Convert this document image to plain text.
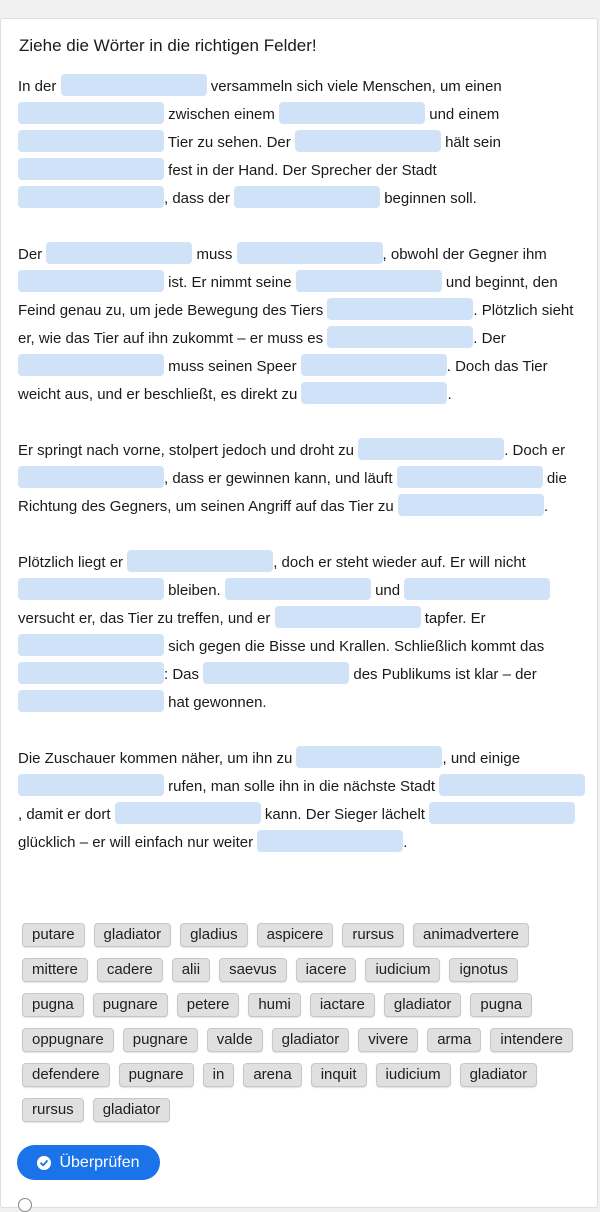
Ziehe die Wörter in die richtigen Felder!

In der	versammeln sich viele Menschen, um einen  zwischen einem	und einem  Tier zu sehen. Der	hält sein  fest in der Hand. Der Sprecher der Stadt , dass der	beginnen soll.

Der	muss	, obwohl der Gegner ihm  ist. Er nimmt seine	und beginnt, den Feind genau zu, um jede Bewegung des Tiers	. Plötzlich sieht er, wie das Tier auf ihn zukommt – er muss es	. Der  muss seinen Speer	. Doch das Tier weicht aus, und er beschließt, es direkt zu	.

Er springt nach vorne, stolpert jedoch und droht zu	. Doch er , dass er gewinnen kann, und läuft	die Richtung des Gegners, um seinen Angriff auf das Tier zu	.

Plötzlich liegt er	, doch er steht wieder auf. Er will nicht  bleiben.	und  versucht er, das Tier zu treffen, und er	tapfer. Er  sich gegen die Bisse und Krallen. Schließlich kommt das : Das	des Publikums ist klar – der  hat gewonnen.

Die Zuschauer kommen näher, um ihn zu	, und einige  rufen, man solle ihn in die nächste Stadt , damit er dort	kann. Der Sieger lächelt  glücklich – er will einfach nur weiter	.

putare	gladiator	gladius	aspicere	rursus	animadvertere
mittere	cadere	alii	saevus	iacere	iudicium	ignotus
pugna	pugnare	petere	humi	iactare	gladiator	pugna
oppugnare	pugnare	valde	gladiator	vivere	arma	intendere
defendere	pugnare	in	arena	inquit	iudicium	gladiator
rursus	gladiator
Überprüfen
